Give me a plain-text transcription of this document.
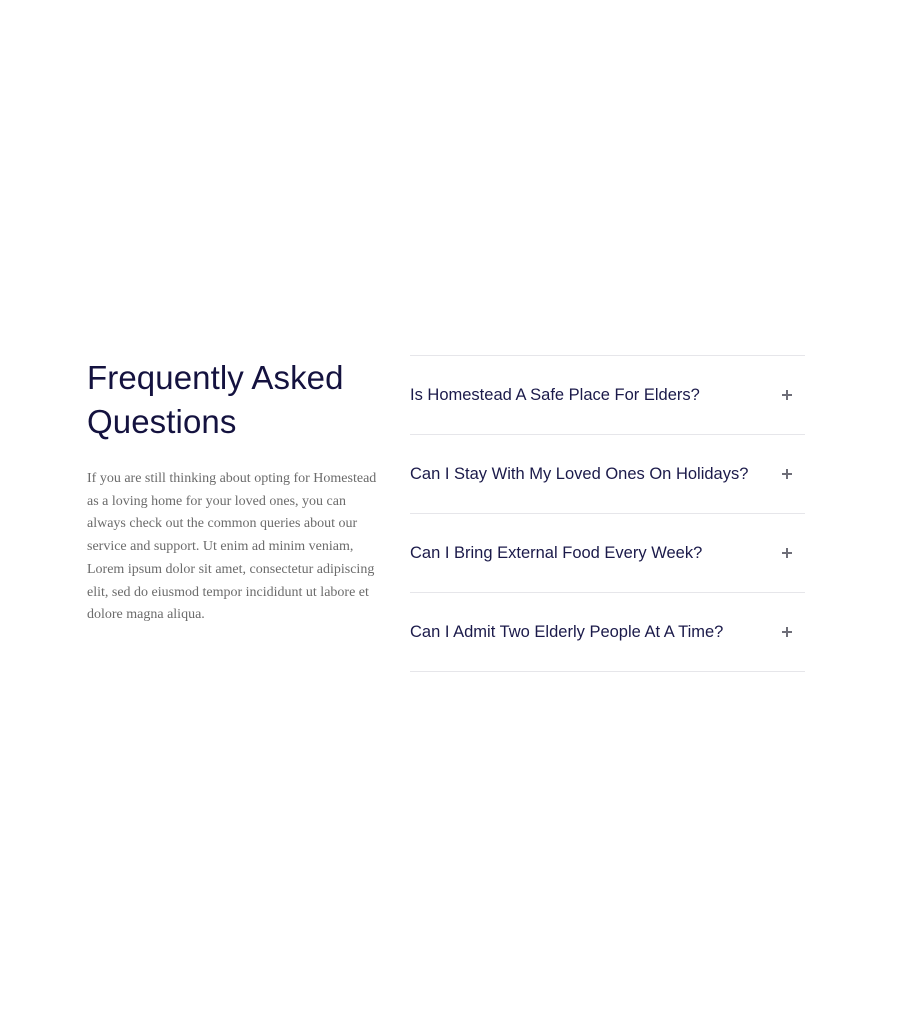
Frequently Asked Questions

If you are still thinking about opting for Homestead as a loving home for your loved ones, you can always check out the common queries about our service and support. Ut enim ad minim veniam, Lorem ipsum dolor sit amet, consectetur adipiscing elit, sed do eiusmod tempor incididunt ut labore et dolore magna aliqua.

Is Homestead A Safe Place For Elders?
Can I Stay With My Loved Ones On Holidays?
Can I Bring External Food Every Week?
Can I Admit Two Elderly People At A Time?
